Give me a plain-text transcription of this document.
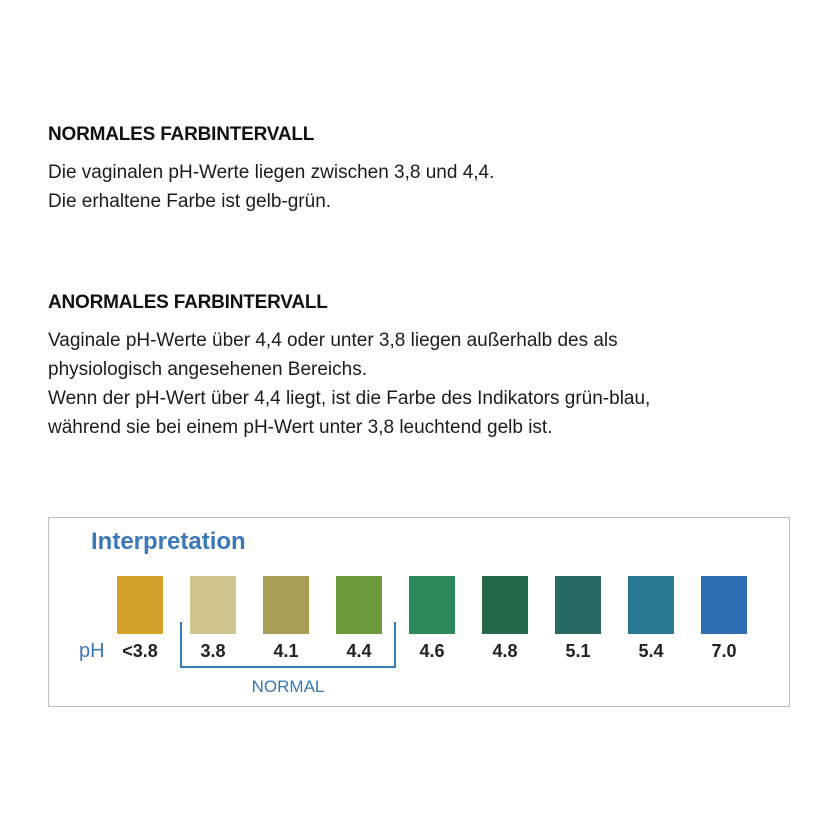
NORMALES FARBINTERVALL

Die vaginalen pH-Werte liegen zwischen 3,8 und 4,4.

Die erhaltene Farbe ist gelb-grün.

ANORMALES FARBINTERVALL

Vaginale pH-Werte über 4,4 oder unter 3,8 liegen außerhalb des als

physiologisch angesehenen Bereichs.

Wenn der pH-Wert über 4,4 liegt, ist die Farbe des Indikators grün-blau,

während sie bei einem pH-Wert unter 3,8 leuchtend gelb ist.

Interpretation
pH <3.8	3.8	4.1	4.4	4.6	4.8	5.1	5.4	7.0
NORMAL
